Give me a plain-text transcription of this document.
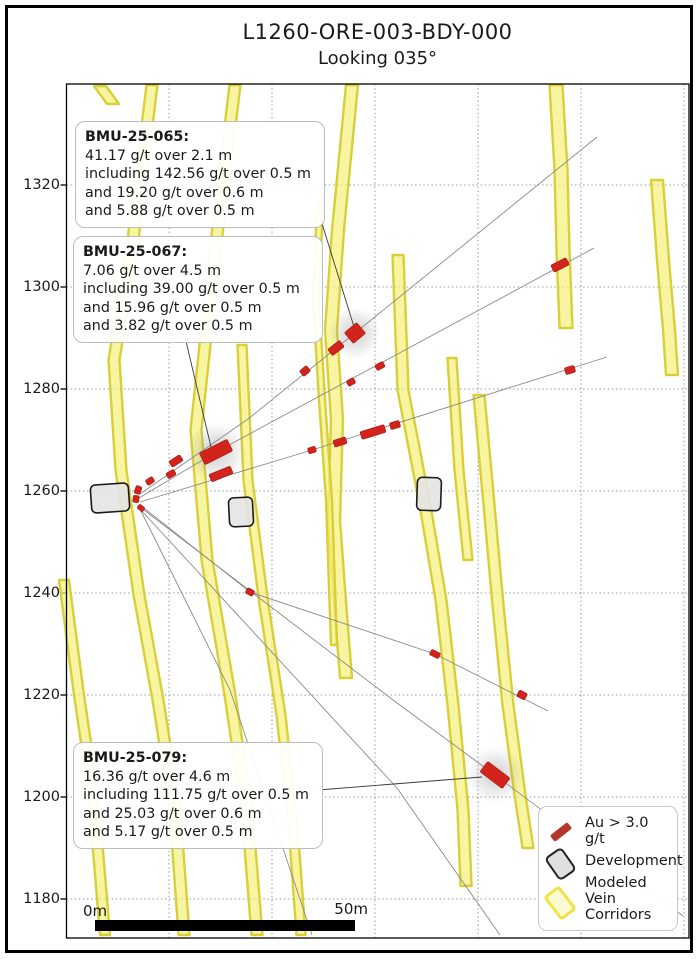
L1260-ORE-003-BDY-000
Looking 035°
1320
1300
1280
1260
1240
1220
1200
1180
BMU-25-065:
41.17 g/t over 2.1 m
including 142.56 g/t over 0.5 m
and 19.20 g/t over 0.6 m
and 5.88 g/t over 0.5 m
BMU-25-067:
7.06 g/t over 4.5 m
including 39.00 g/t over 0.5 m
and 15.96 g/t over 0.5 m
and 3.82 g/t over 0.5 m
BMU-25-079:
16.36 g/t over 4.6 m
including 111.75 g/t over 0.5 m
and 25.03 g/t over 0.6 m
and 5.17 g/t over 0.5 m
Au > 3.0 g/t
Development
Modeled Vein
Corridors
0m	50m
